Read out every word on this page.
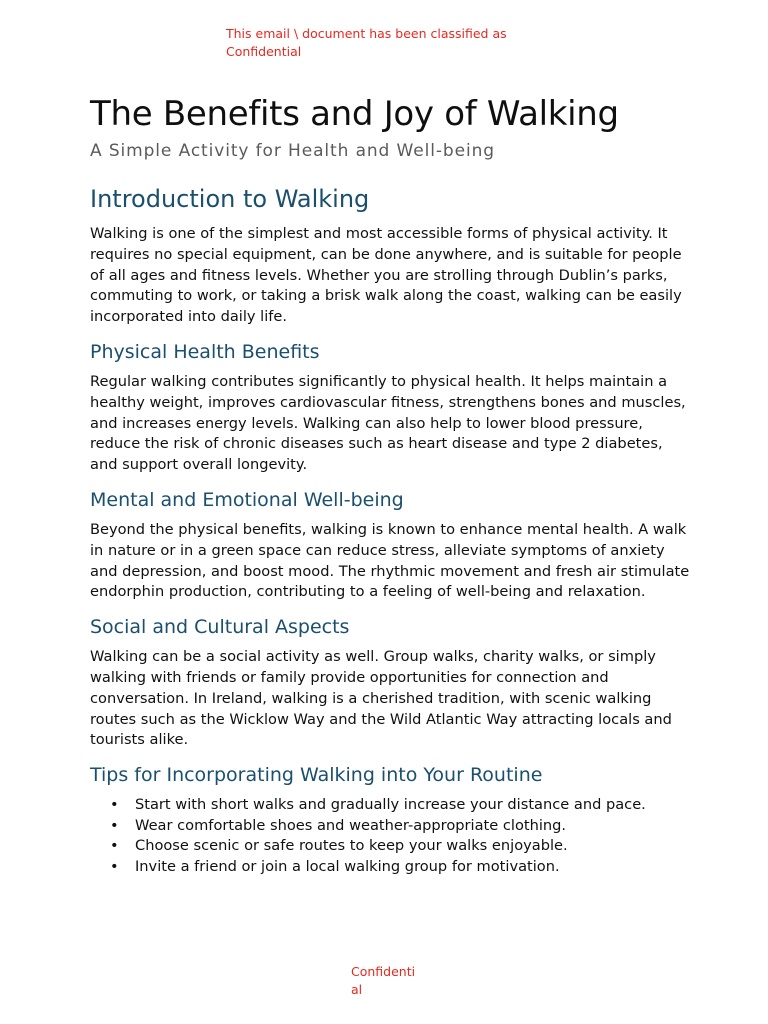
This email \ document has been classified as Confidential
The Benefits and Joy of Walking
A Simple Activity for Health and Well-being
Introduction to Walking

Walking is one of the simplest and most accessible forms of physical activity. It requires no special equipment, can be done anywhere, and is suitable for people of all ages and fitness levels. Whether you are strolling through Dublin’s parks, commuting to work, or taking a brisk walk along the coast, walking can be easily incorporated into daily life.

Physical Health Benefits

Regular walking contributes significantly to physical health. It helps maintain a healthy weight, improves cardiovascular fitness, strengthens bones and muscles, and increases energy levels. Walking can also help to lower blood pressure, reduce the risk of chronic diseases such as heart disease and type 2 diabetes, and support overall longevity.

Mental and Emotional Well-being

Beyond the physical benefits, walking is known to enhance mental health. A walk in nature or in a green space can reduce stress, alleviate symptoms of anxiety and depression, and boost mood. The rhythmic movement and fresh air stimulate endorphin production, contributing to a feeling of well-being and relaxation.

Social and Cultural Aspects

Walking can be a social activity as well. Group walks, charity walks, or simply walking with friends or family provide opportunities for connection and conversation. In Ireland, walking is a cherished tradition, with scenic walking routes such as the Wicklow Way and the Wild Atlantic Way attracting locals and tourists alike.

Tips for Incorporating Walking into Your Routine
• Start with short walks and gradually increase your distance and pace.
• Wear comfortable shoes and weather-appropriate clothing.
• Choose scenic or safe routes to keep your walks enjoyable.
• Invite a friend or join a local walking group for motivation.
Confidential
